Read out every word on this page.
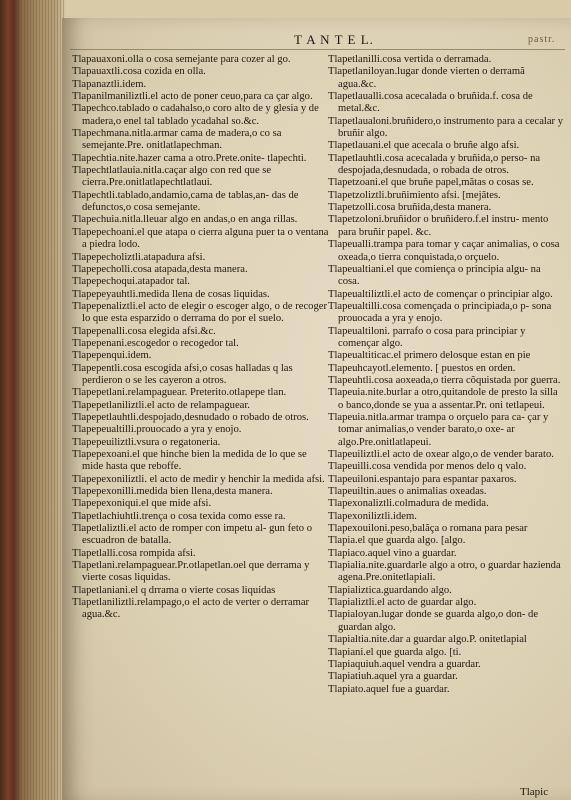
T A N T E L.	pastr.

Tlapauaxoni.olla o cosa semejante para cozer al go.

Tlapauaxtli.cosa cozida en olla.

Tlapanaztli.idem.

Tlapanilmaniliztli.el acto de poner ceuo,para ca çar algo.

Tlapechco.tablado o cadahalso,o coro alto de y glesia y de madera,o enel tal tablado ycadahal so.&c.

Tlapechmana.nitla.armar cama de madera,o co sa semejante.Pre. onitlatlapechman.

Tlapechtia.nite.hazer cama a otro.Prete.onite- tlapechti.

Tlapechtlatlauia.nitla.caçar algo con red que se cierra.Pre.onitlatlapechtlatlaui.

Tlapechtli.tablado,andamio,cama de tablas,an- das de defunctos,o cosa semejante.

Tlapechuia.nitla.lleuar algo en andas,o en anga rillas.

Tlapepechoani.el que atapa o cierra alguna puer ta o ventana a piedra lodo.

Tlapepecholiztli.atapadura afsi.

Tlapepecholli.cosa atapada,desta manera.

Tlapepechoqui.atapador tal.

Tlapepeyauhtli.medida llena de cosas liquidas.

Tlapepenaliztli.el acto de elegir o escoger algo, o de recoger lo que esta esparzido o derrama do por el suelo.

Tlapepenalli.cosa elegida afsi.&c.

Tlapepenani.escogedor o recogedor tal.

Tlapepenqui.idem.

Tlapepentli.cosa escogida afsi,o cosas halladas q las perdieron o se les cayeron a otros.

Tlapepetlani.relampaguear. Preterito.otlapepe tlan.

Tlapepetlaniliztli.el acto de relampaguear.

Tlapepetlauhtli.despojado,desnudado o robado de otros.

Tlapepeualtilli.prouocado a yra y enojo.

Tlapepeuiliztli.vsura o regatoneria.

Tlapepexoani.el que hinche bien la medida de lo que se mide hasta que reboffe.

Tlapepexoniliztli. el acto de medir y henchir la medida afsi.

Tlapepexonilli.medida bien llena,desta manera.

Tlapepexoniqui.el que mide afsi.

Tlapetlachiuhtli.trença o cosa texida como esse ra.

Tlapetlaliztli.el acto de romper con impetu al- gun feto o escuadron de batalla.

Tlapetlalli.cosa rompida afsi.

Tlapetlani.relampaguear.Pr.otlapetlan.oel que derrama y vierte cosas liquidas.

Tlapetlaniani.el q drrama o vierte cosas liquidas

Tlapetlaniliztli.relampago,o el acto de verter o derramar agua.&c.

Tlapetlanilli.cosa vertida o derramada.

Tlapetlaniloyan.lugar donde vierten o derramã agua.&c.

Tlapetlaualli.cosa acecalada o bruñida.f. cosa de metal.&c.

Tlapetlaualoni.bruñidero,o instrumento para a cecalar y bruñir algo.

Tlapetlauani.el que acecala o bruñe algo afsi.

Tlapetlauhtli.cosa acecalada y bruñida,o perso- na despojada,desnudada, o robada de otros.

Tlapetzoani.el que bruñe papel,mãtas o cosas se.

Tlapetzoliztli.bruñimiento afsi. [mejãtes.

Tlapetzolli.cosa bruñida,desta manera.

Tlapetzoloni.bruñidor o bruñidero.f.el instru- mento para bruñir papel. &c.

Tlapeualli.trampa para tomar y caçar animalias, o cosa oxeada,o tierra conquistada,o orçuelo.

Tlapeualtiani.el que comiença o principia algu- na cosa.

Tlapeualtiliztli.el acto de començar o principiar algo.

Tlapeualtilli.cosa començada o principiada,o p- sona prouocada a yra y enojo.

Tlapeualtiloni. parrafo o cosa para principiar y començar algo.

Tlapeualtiticac.el primero delosque estan en pie

Tlapeuhcayotl.elemento. [ puestos en orden.

Tlapeuhtli.cosa aoxeada,o tierra cõquistada por guerra.

Tlapeuia.nite.burlar a otro,quitandole de presto la silla o banco,donde se yua a assentar.Pr. oni tetlapeui.

Tlapeuia.nitla.armar trampa o orçuelo para ca- çar y tomar animalias,o vender barato,o oxe- ar algo.Pre.onitlatlapeui.

Tlapeuiliztli.el acto de oxear algo,o de vender barato.

Tlapeuilli.cosa vendida por menos delo q valo.

Tlapeuiloni.espantajo para espantar paxaros.

Tlapeuiltin.aues o animalias oxeadas.

Tlapexonaliztli.colmadura de medida.

Tlapexoniliztli.idem.

Tlapexouiloni.peso,balãça o romana para pesar

Tlapia.el que guarda algo. [algo.

Tlapiaco.aquel vino a guardar.

Tlapialia.nite.guardarle algo a otro, o guardar hazienda agena.Pre.onitetlapiali.

Tlapializtica.guardando algo.

Tlapializtli.el acto de guardar algo.

Tlapialoyan.lugar donde se guarda algo,o don- de guardan algo.

Tlapialtia.nite.dar a guardar algo.P. onitetlapial

Tlapiani.el que guarda algo. [ti.

Tlapiaquiuh.aquel vendra a guardar.

Tlapiatiuh.aquel yra a guardar.

Tlapiato.aquel fue a guardar.

Tlapic
